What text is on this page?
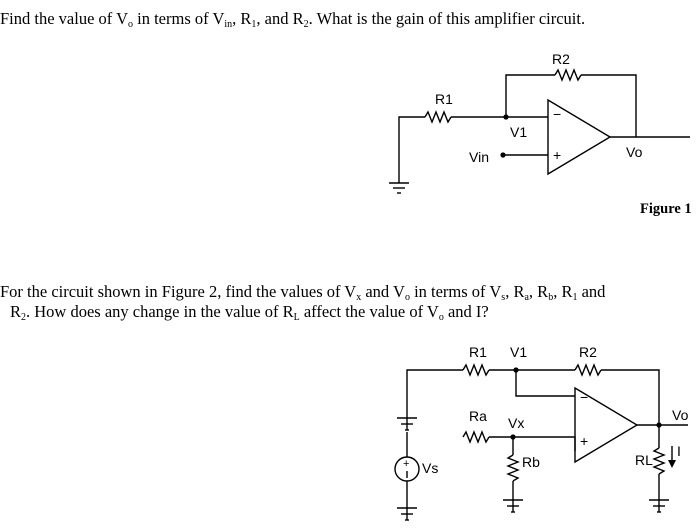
Find the value of $V_o$ in terms of $V_{in}$, $R_1$, and $R_2$. What is the gain of this amplifier circuit.
Figure 1
For the circuit shown in Figure 2, find the values of $V_x$ and $V_o$ in terms of $V_s$, $R_a$, $R_b$, $R_1$ and
$R_2$. How does any change in the value of $R_L$ affect the value of $V_o$ and I?
R1
R2
V1
Vin	Vo
−
+
+
R1 V1	R2
Ra Vx
Rb
Vs
Vo
RL
I
−
+
